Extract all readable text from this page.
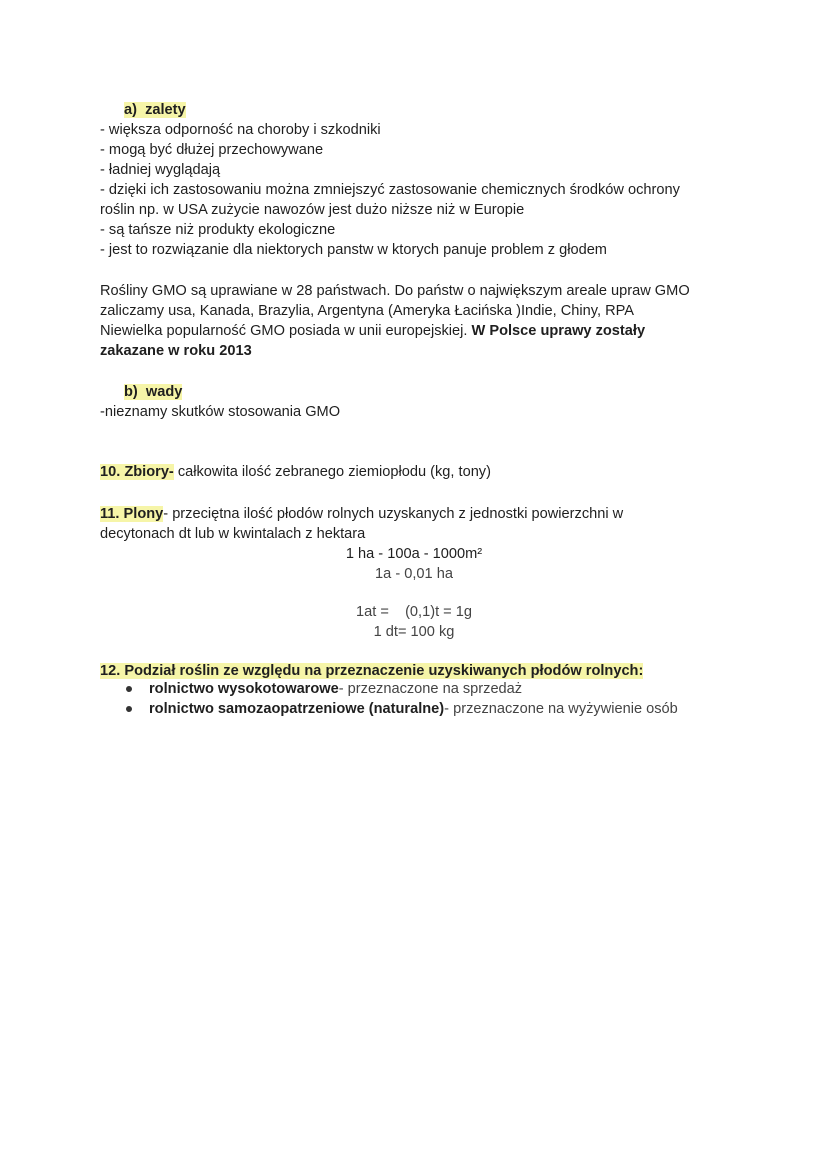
a) zalety
- większa odporność na choroby i szkodniki
- mogą być dłużej przechowywane
- ładniej wyglądają
- dzięki ich zastosowaniu można zmniejszyć zastosowanie chemicznych środków ochrony
roślin np. w USA zużycie nawozów jest dużo niższe niż w Europie
- są tańsze niż produkty ekologiczne
- jest to rozwiązanie dla niektorych panstw w ktorych panuje problem z głodem
Rośliny GMO są uprawiane w 28 państwach. Do państw o największym areale upraw GMO
zaliczamy usa, Kanada, Brazylia, Argentyna (Ameryka Łacińska )Indie, Chiny, RPA
Niewielka popularność GMO posiada w unii europejskiej. W Polsce uprawy zostały
zakazane w roku 2013
b) wady
-nieznamy skutków stosowania GMO
10. Zbiory- całkowita ilość zebranego ziemiopłodu (kg, tony)
11. Plony- przeciętna ilość płodów rolnych uzyskanych z jednostki powierzchni w
decytonach dt lub w kwintalach z hektara
1 ha - 100a - 1000m²
1a - 0,01 ha
1at =    (0,1)t = 1g
1 dt= 100 kg
12. Podział roślin ze względu na przeznaczenie uzyskiwanych płodów rolnych:
rolnictwo wysokotowarowe- przeznaczone na sprzedaż
rolnictwo samozaopatrzeniowe (naturalne)- przeznaczone na wyżywienie osób
